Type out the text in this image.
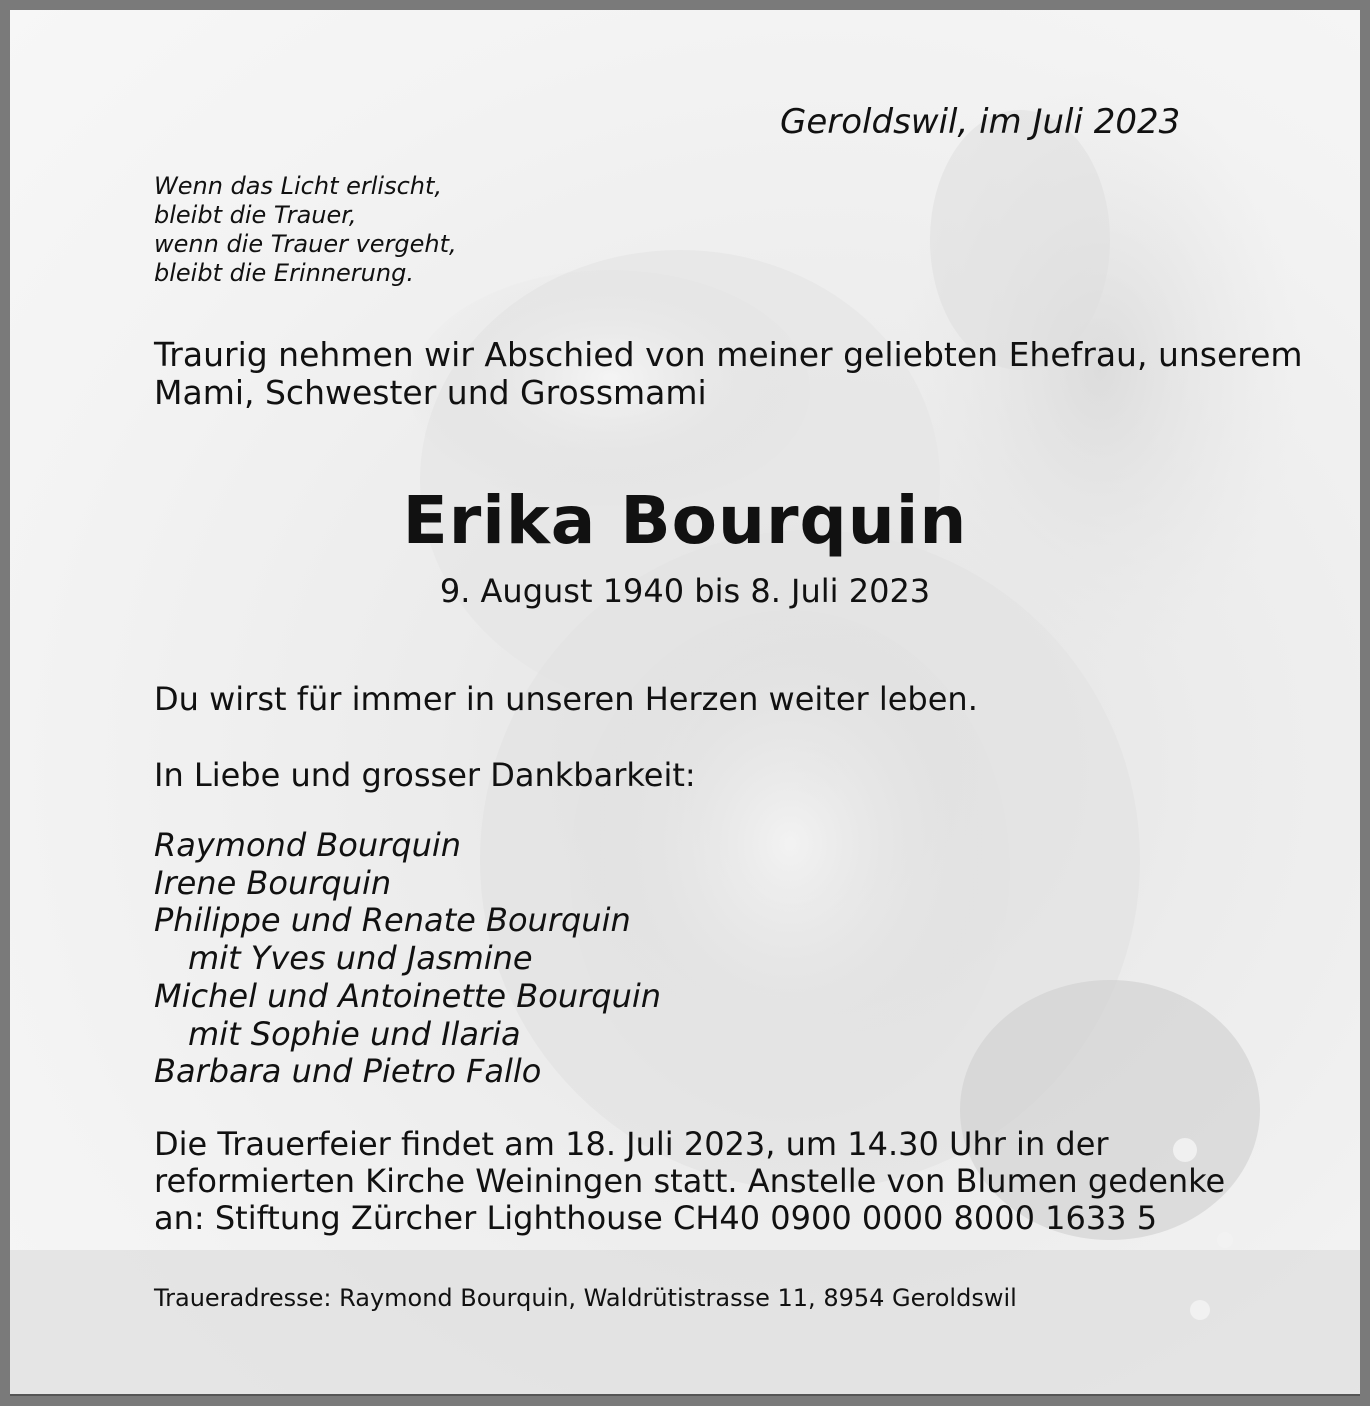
Geroldswil, im Juli 2023
Wenn das Licht erlischt,
bleibt die Trauer,
wenn die Trauer vergeht,
bleibt die Erinnerung.
Traurig nehmen wir Abschied von meiner geliebten Ehefrau, unserem
Mami, Schwester und Grossmami
Erika Bourquin
9. August 1940 bis 8. Juli 2023
Du wirst für immer in unseren Herzen weiter leben.
In Liebe und grosser Dankbarkeit:
Raymond Bourquin
Irene Bourquin
Philippe und Renate Bourquin
mit Yves und Jasmine
Michel und Antoinette Bourquin
mit Sophie und Ilaria
Barbara und Pietro Fallo
Die Trauerfeier findet am 18. Juli 2023, um 14.30 Uhr in der
reformierten Kirche Weiningen statt. Anstelle von Blumen gedenke
an: Stiftung Zürcher Lighthouse CH40 0900 0000 8000 1633 5
Traueradresse: Raymond Bourquin, Waldrütistrasse 11, 8954 Geroldswil
